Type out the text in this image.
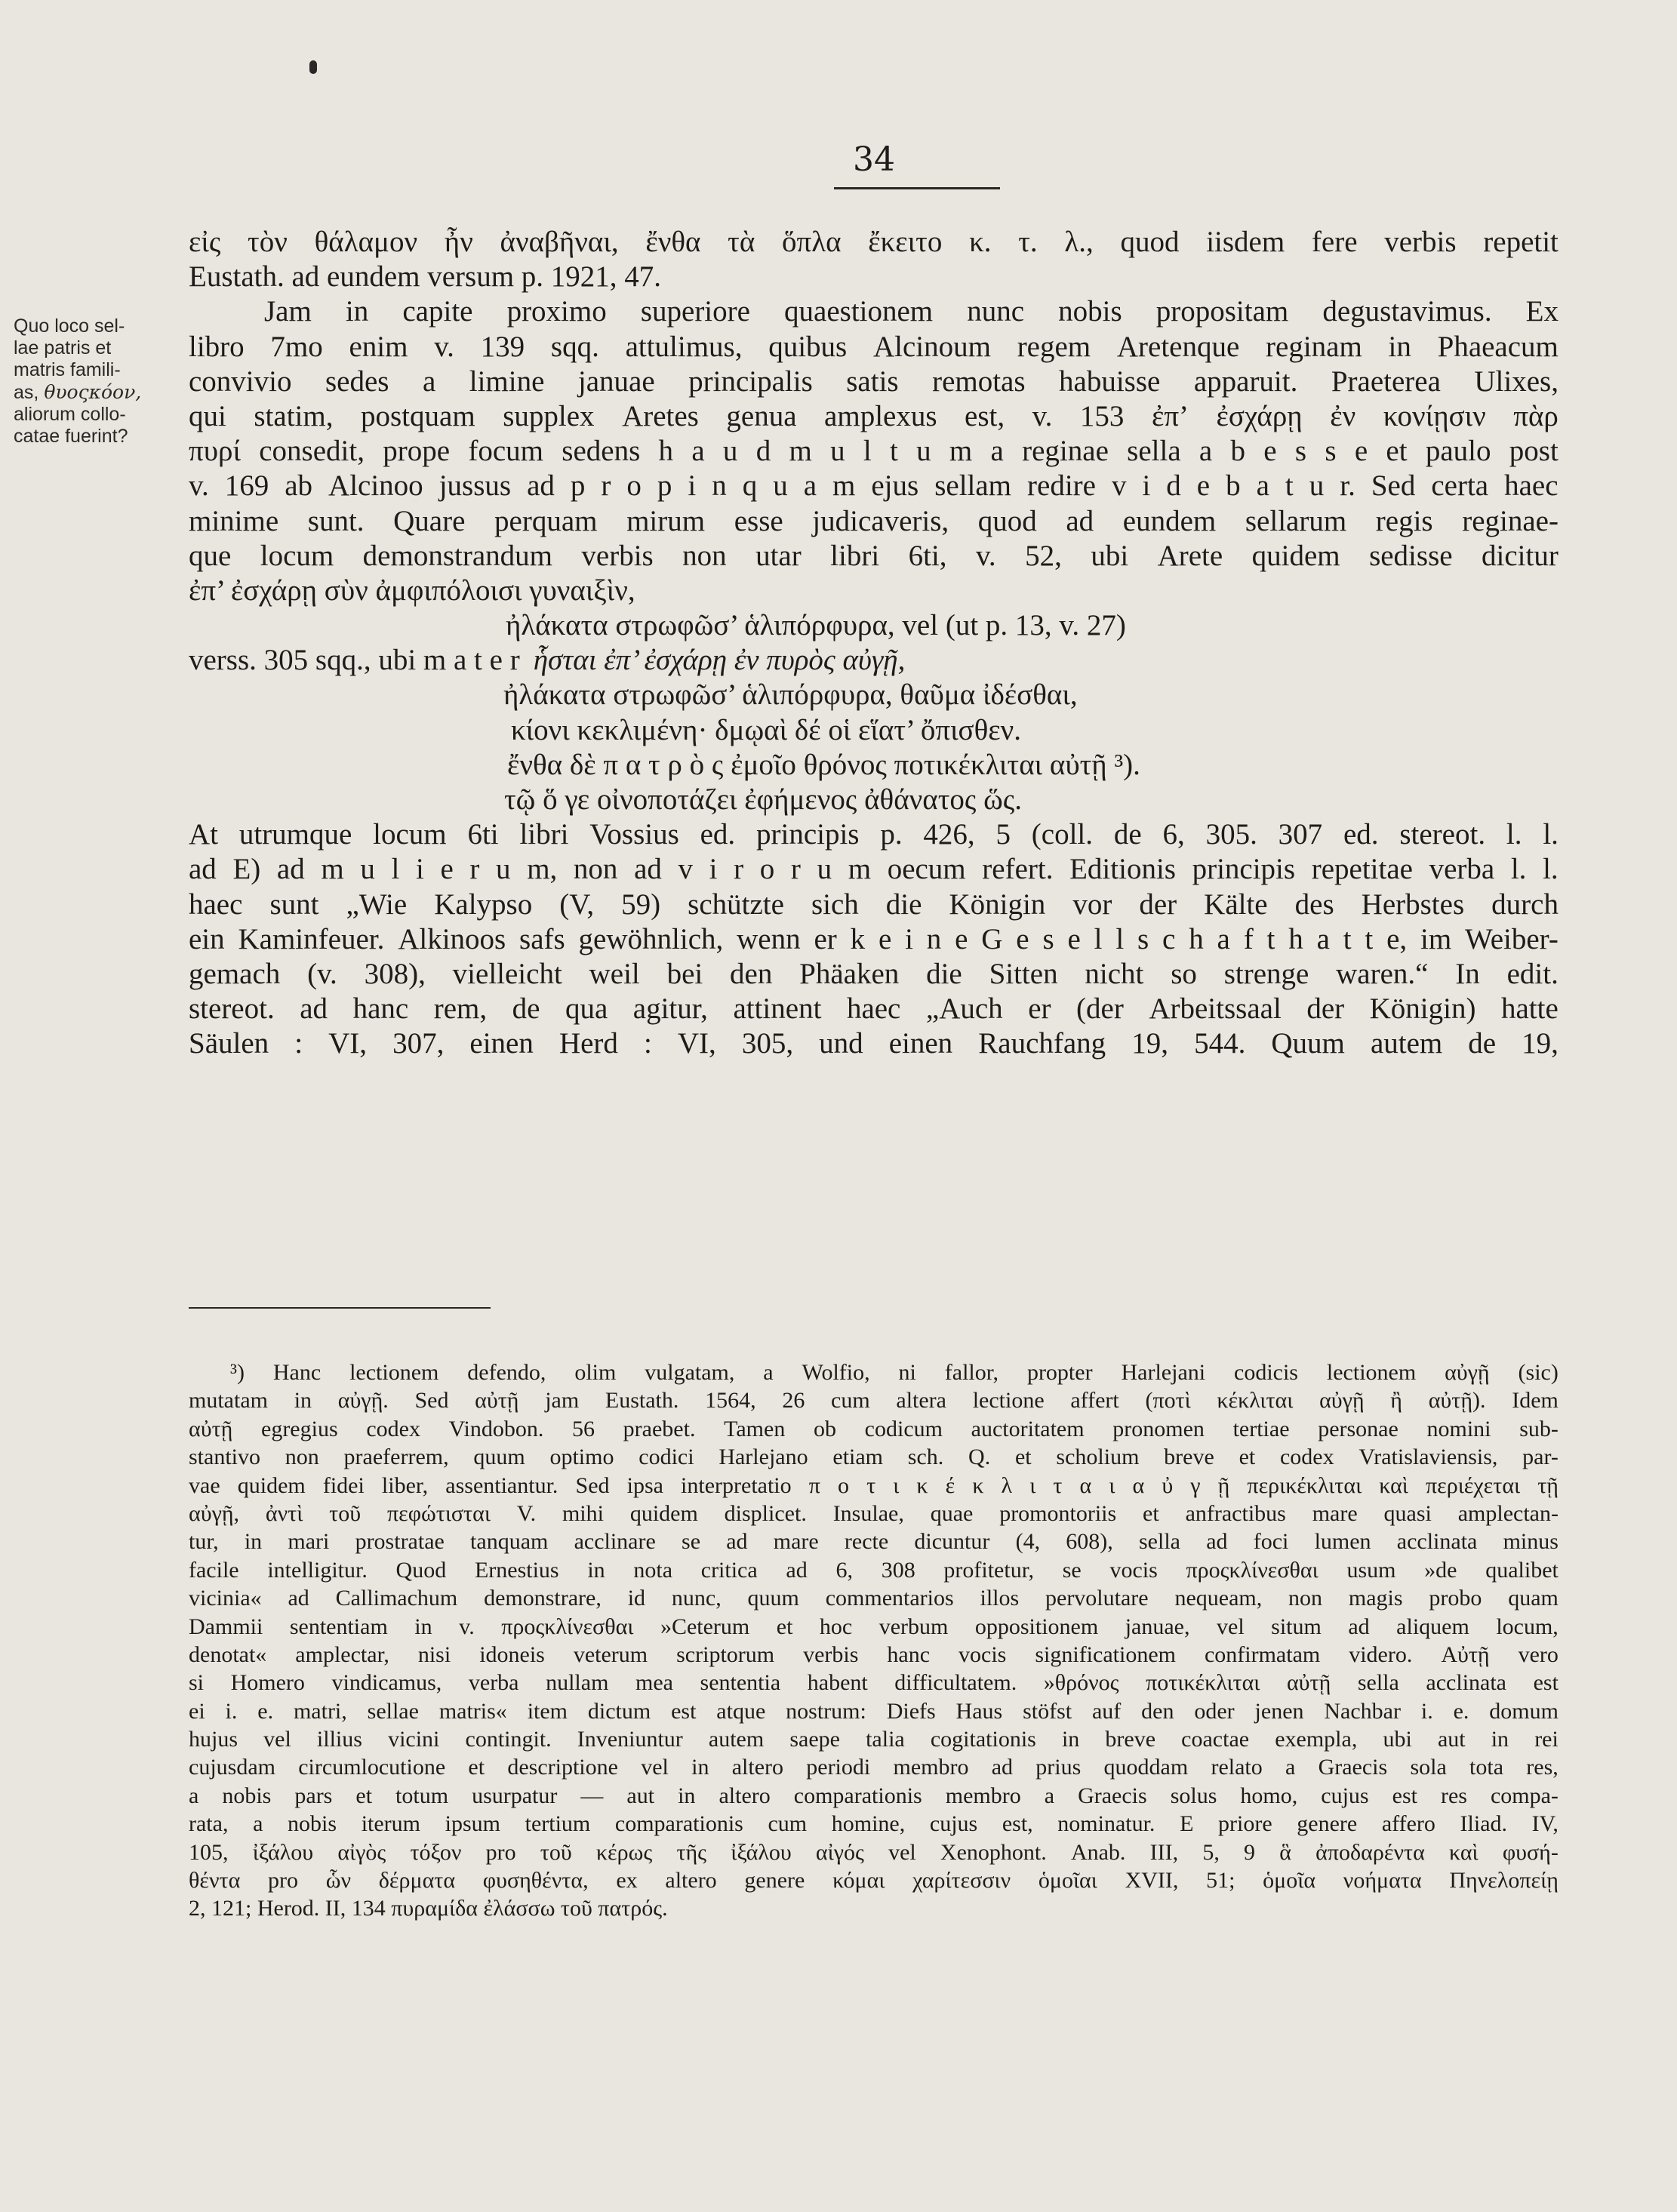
34
Quo loco sel-
lae patris et
matris famili-
as, θυοςκόον,
aliorum collo-
catae fuerint?
εἰς τὸν θάλαμον ἦν ἀναβῆναι, ἔνθα τὰ ὅπλα ἔκειτο κ. τ. λ., quod iisdem fere verbis repetit
Eustath. ad eundem versum p. 1921, 47.
Jam in capite proximo superiore quaestionem nunc nobis propositam degustavimus. Ex
libro 7mo enim v. 139 sqq. attulimus, quibus Alcinoum regem Aretenque reginam in Phaeacum
convivio sedes a limine januae principalis satis remotas habuisse apparuit. Praeterea Ulixes,
qui statim, postquam supplex Aretes genua amplexus est, v. 153 ἐπ’ ἐσχάρῃ ἐν κονίῃσιν πὰρ
πυρί consedit, prope focum sedens h a u d m u l t u m a reginae sella a b e s s e et paulo post
v. 169 ab Alcinoo jussus ad p r o p i n q u a m ejus sellam redire v i d e b a t u r. Sed certa haec
minime sunt. Quare perquam mirum esse judicaveris, quod ad eundem sellarum regis reginae-
que locum demonstrandum verbis non utar libri 6ti, v. 52, ubi Arete quidem sedisse dicitur
ἐπ’ ἐσχάρῃ σὺν ἀμφιπόλοισι γυναιξὶν,
ἠλάκατα στρωφῶσ’ ἁλιπόρφυρα, vel (ut p. 13, v. 27)
verss. 305 sqq., ubi m a t e r ἧσται ἐπ’ ἐσχάρῃ ἐν πυρὸς αὐγῇ,
ἠλάκατα στρωφῶσ’ ἁλιπόρφυρα, θαῦμα ἰδέσθαι,
κίονι κεκλιμένη· δμῳαὶ δέ οἱ εἵατ’ ὄπισθεν.
ἔνθα δὲ π α τ ρ ὸ ς ἐμοῖο θρόνος ποτικέκλιται αὐτῇ ³).
τῷ ὅ γε οἰνοποτάζει ἐφήμενος ἀθάνατος ὥς.
At utrumque locum 6ti libri Vossius ed. principis p. 426, 5 (coll. de 6, 305. 307 ed. stereot. l. l.
ad E) ad m u l i e r u m, non ad v i r o r u m oecum refert. Editionis principis repetitae verba l. l.
haec sunt „Wie Kalypso (V, 59) schützte sich die Königin vor der Kälte des Herbstes durch
ein Kaminfeuer. Alkinoos safs gewöhnlich, wenn er k e i n e G e s e l l s c h a f t h a t t e, im Weiber-
gemach (v. 308), vielleicht weil bei den Phäaken die Sitten nicht so strenge waren.“ In edit.
stereot. ad hanc rem, de qua agitur, attinent haec „Auch er (der Arbeitssaal der Königin) hatte
Säulen : VI, 307, einen Herd : VI, 305, und einen Rauchfang 19, 544. Quum autem de 19,
³) Hanc lectionem defendo, olim vulgatam, a Wolfio, ni fallor, propter Harlejani codicis lectionem αὐγῇ (sic)
mutatam in αὐγῇ. Sed αὐτῇ jam Eustath. 1564, 26 cum altera lectione affert (ποτὶ κέκλιται αὐγῇ ἢ αὐτῇ). Idem
αὐτῇ egregius codex Vindobon. 56 praebet. Tamen ob codicum auctoritatem pronomen tertiae personae nomini sub-
stantivo non praeferrem, quum optimo codici Harlejano etiam sch. Q. et scholium breve et codex Vratislaviensis, par-
vae quidem fidei liber, assentiantur. Sed ipsa interpretatio π ο τ ι κ έ κ λ ι τ α ι α ὐ γ ῇ περικέκλιται καὶ περιέχεται τῇ
αὐγῇ, ἀντὶ τοῦ πεφώτισται V. mihi quidem displicet. Insulae, quae promontoriis et anfractibus mare quasi amplectan-
tur, in mari prostratae tanquam acclinare se ad mare recte dicuntur (4, 608), sella ad foci lumen acclinata minus
facile intelligitur. Quod Ernestius in nota critica ad 6, 308 profitetur, se vocis προςκλίνεσθαι usum »de qualibet
vicinia« ad Callimachum demonstrare, id nunc, quum commentarios illos pervolutare nequeam, non magis probo quam
Dammii sententiam in v. προςκλίνεσθαι »Ceterum et hoc verbum oppositionem januae, vel situm ad aliquem locum,
denotat« amplectar, nisi idoneis veterum scriptorum verbis hanc vocis significationem confirmatam videro. Αὐτῇ vero
si Homero vindicamus, verba nullam mea sententia habent difficultatem. »θρόνος ποτικέκλιται αὐτῇ sella acclinata est
ei i. e. matri, sellae matris« item dictum est atque nostrum: Diefs Haus stöfst auf den oder jenen Nachbar i. e. domum
hujus vel illius vicini contingit. Inveniuntur autem saepe talia cogitationis in breve coactae exempla, ubi aut in rei
cujusdam circumlocutione et descriptione vel in altero periodi membro ad prius quoddam relato a Graecis sola tota res,
a nobis pars et totum usurpatur — aut in altero comparationis membro a Graecis solus homo, cujus est res compa-
rata, a nobis iterum ipsum tertium comparationis cum homine, cujus est, nominatur. E priore genere affero Iliad. IV,
105, ἰξάλου αἰγὸς τόξον pro τοῦ κέρως τῆς ἰξάλου αἰγός vel Xenophont. Anab. III, 5, 9 ἃ ἀποδαρέντα καὶ φυσή-
θέντα pro ὧν δέρματα φυσηθέντα, ex altero genere κόμαι χαρίτεσσιν ὁμοῖαι XVII, 51; ὁμοῖα νοήματα Πηνελοπείῃ
2, 121; Herod. II, 134 πυραμίδα ἐλάσσω τοῦ πατρός.
